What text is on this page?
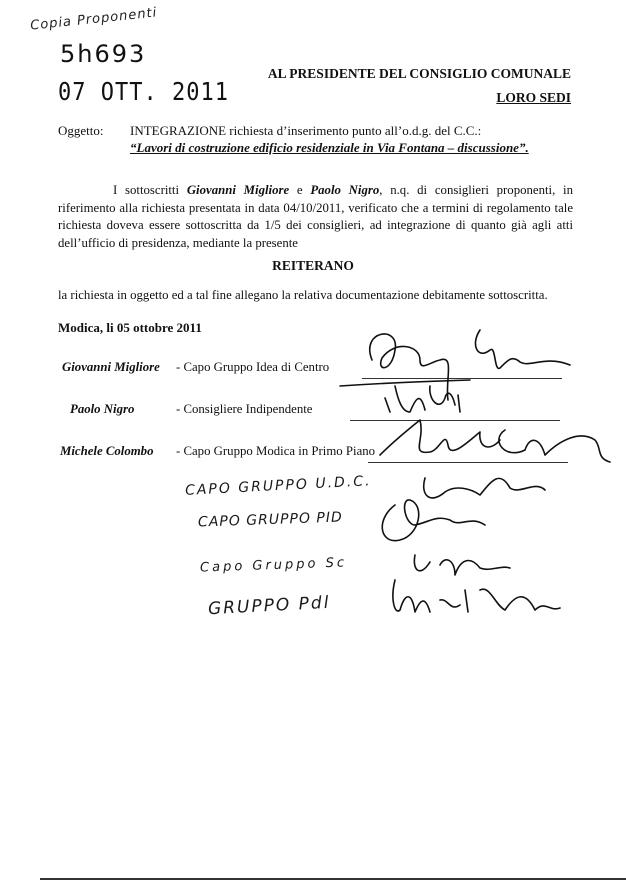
Copia Proponenti
5h693
07 OTT. 2011
AL PRESIDENTE DEL CONSIGLIO COMUNALE
LORO SEDI
Oggetto: INTEGRAZIONE richiesta d’inserimento punto all’o.d.g. del C.C.:
“Lavori di costruzione edificio residenziale in Via Fontana – discussione”.

I sottoscritti Giovanni Migliore e Paolo Nigro, n.q. di consiglieri proponenti, in riferimento alla richiesta presentata in data 04/10/2011, verificato che a termini di regolamento tale richiesta doveva essere sottoscritta da 1/5 dei consiglieri, ad integrazione di quanto già agli atti dell’ufficio di presidenza, mediante la presente

REITERANO
la richiesta in oggetto ed a tal fine allegano la relativa documentazione debitamente sottoscritta.
Modica, li 05 ottobre 2011
Giovanni Migliore - Capo Gruppo Idea di Centro
Paolo Nigro	- Consigliere Indipendente
Michele Colombo - Capo Gruppo Modica in Primo Piano
CAPO GRUPPO U.D.C.
CAPO GRUPPO PID
Capo Gruppo Sc
GRUPPO Pdl
